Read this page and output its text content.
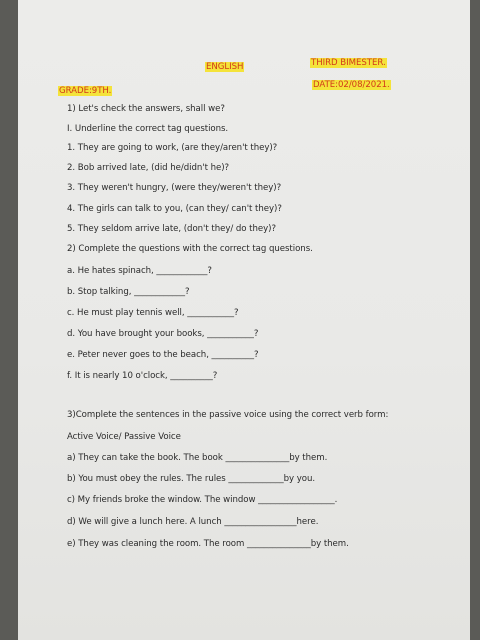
ENGLISH	THIRD BIMESTER.
GRADE:9TH.
DATE:02/08/2021.
1) Let's check the answers, shall we?
I. Underline the correct tag questions.
1. They are going to work, (are they/aren't they)?
2. Bob arrived late, (did he/didn't he)?
3. They weren't hungry, (were they/weren't they)?
4. The girls can talk to you, (can they/ can't they)?
5. They seldom arrive late, (don't they/ do they)?
2) Complete the questions with the correct tag questions.
a. He hates spinach, ____________?
b. Stop talking, ____________?
c. He must play tennis well, ___________?
d. You have brought your books, ___________?
e. Peter never goes to the beach, __________?
f. It is nearly 10 o'clock, __________?
3)Complete the sentences in the passive voice using the correct verb form:
Active Voice/ Passive Voice
a) They can take the book. The book _______________by them.
b) You must obey the rules. The rules _____________by you.
c) My friends broke the window. The window __________________.
d) We will give a lunch here. A lunch _________________here.
e) They was cleaning the room. The room _______________by them.
